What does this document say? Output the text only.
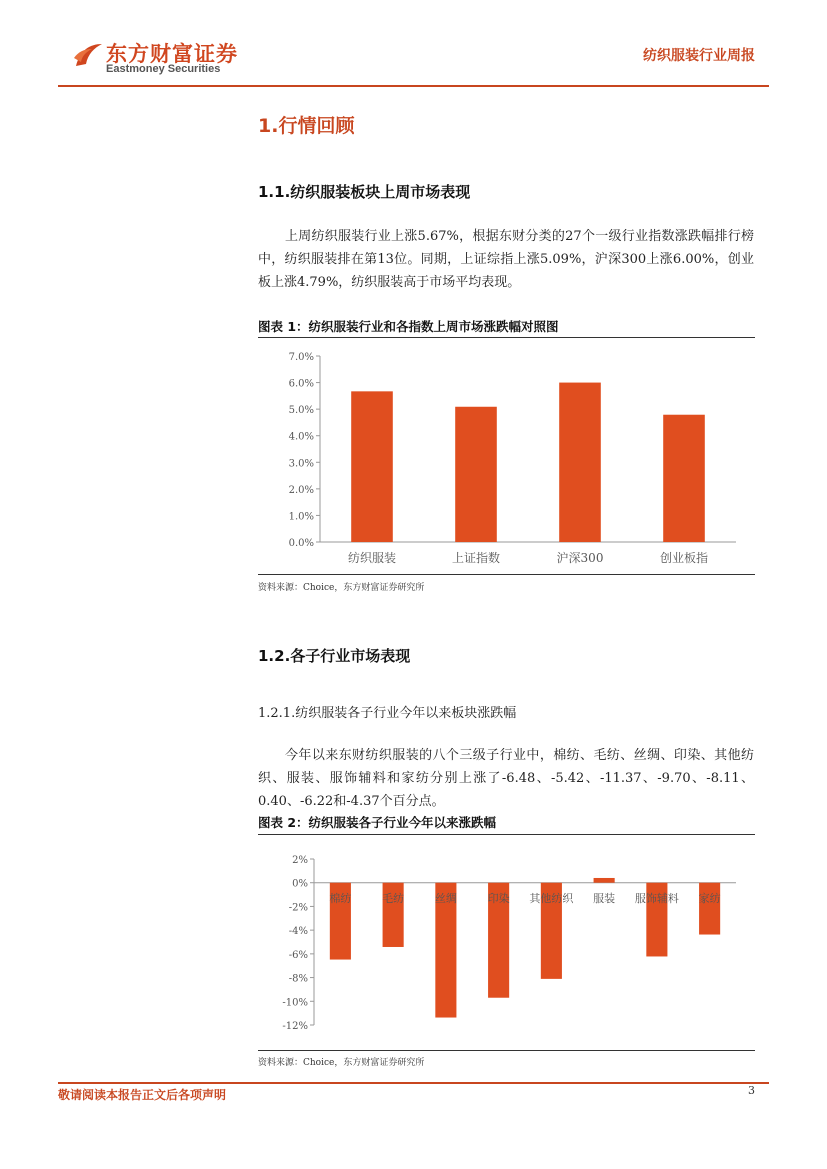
东方财富证券
Eastmoney Securities
纺织服装行业周报
1.行情回顾
1.1.纺织服装板块上周市场表现
上周纺织服装行业上涨5.67%，根据东财分类的27个一级行业指数涨跌幅排行榜中，纺织服装排在第13位。同期，上证综指上涨5.09%，沪深300上涨6.00%，创业板上涨4.79%，纺织服装高于市场平均表现。
图表 1：纺织服装行业和各指数上周市场涨跌幅对照图
0.0%
1.0%
2.0%
3.0%
4.0%
5.0%
6.0%
7.0%
纺织服装	上证指数	沪深300	创业板指
资料来源：Choice，东方财富证券研究所
1.2.各子行业市场表现
1.2.1.纺织服装各子行业今年以来板块涨跌幅
今年以来东财纺织服装的八个三级子行业中，棉纺、毛纺、丝绸、印染、其他纺织、服装、服饰辅料和家纺分别上涨了-6.48、-5.42、-11.37、-9.70、-8.11、0.40、-6.22和-4.37个百分点。
图表 2：纺织服装各子行业今年以来涨跌幅
-12%
-10%
-8%
-6%
-4%
-2%
0%
2%
棉纺	毛纺	丝绸	印染 其他纺织 服装 服饰辅料 家纺
资料来源：Choice，东方财富证券研究所
敬请阅读本报告正文后各项声明	3
